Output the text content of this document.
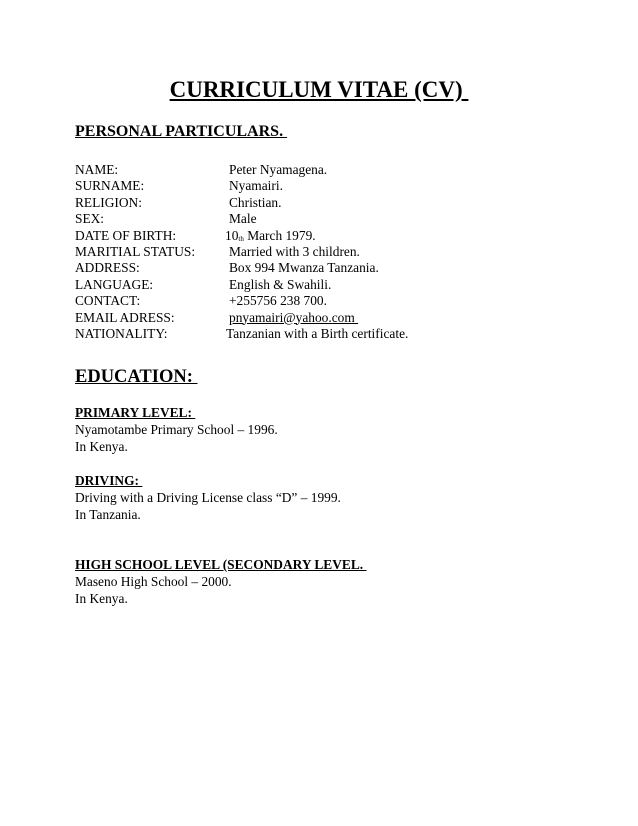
CURRICULUM VITAE (CV)
PERSONAL PARTICULARS.
NAME:	Peter Nyamagena.
SURNAME:	Nyamairi.
RELIGION:	Christian.
SEX:	Male
DATE OF BIRTH:	$10_{th}$ March 1979.
MARITIAL STATUS:	Married with 3 children.
ADDRESS:	Box 994 Mwanza Tanzania.
LANGUAGE:	English & Swahili.
CONTACT:	+255756 238 700.
EMAIL ADRESS:	pnyamairi@yahoo.com
NATIONALITY:	Tanzanian with a Birth certificate.
EDUCATION:
PRIMARY LEVEL:
Nyamotambe Primary School – 1996.
In Kenya.
DRIVING:
Driving with a Driving License class “D” – 1999.
In Tanzania.
HIGH SCHOOL LEVEL (SECONDARY LEVEL.
Maseno High School – 2000.
In Kenya.
